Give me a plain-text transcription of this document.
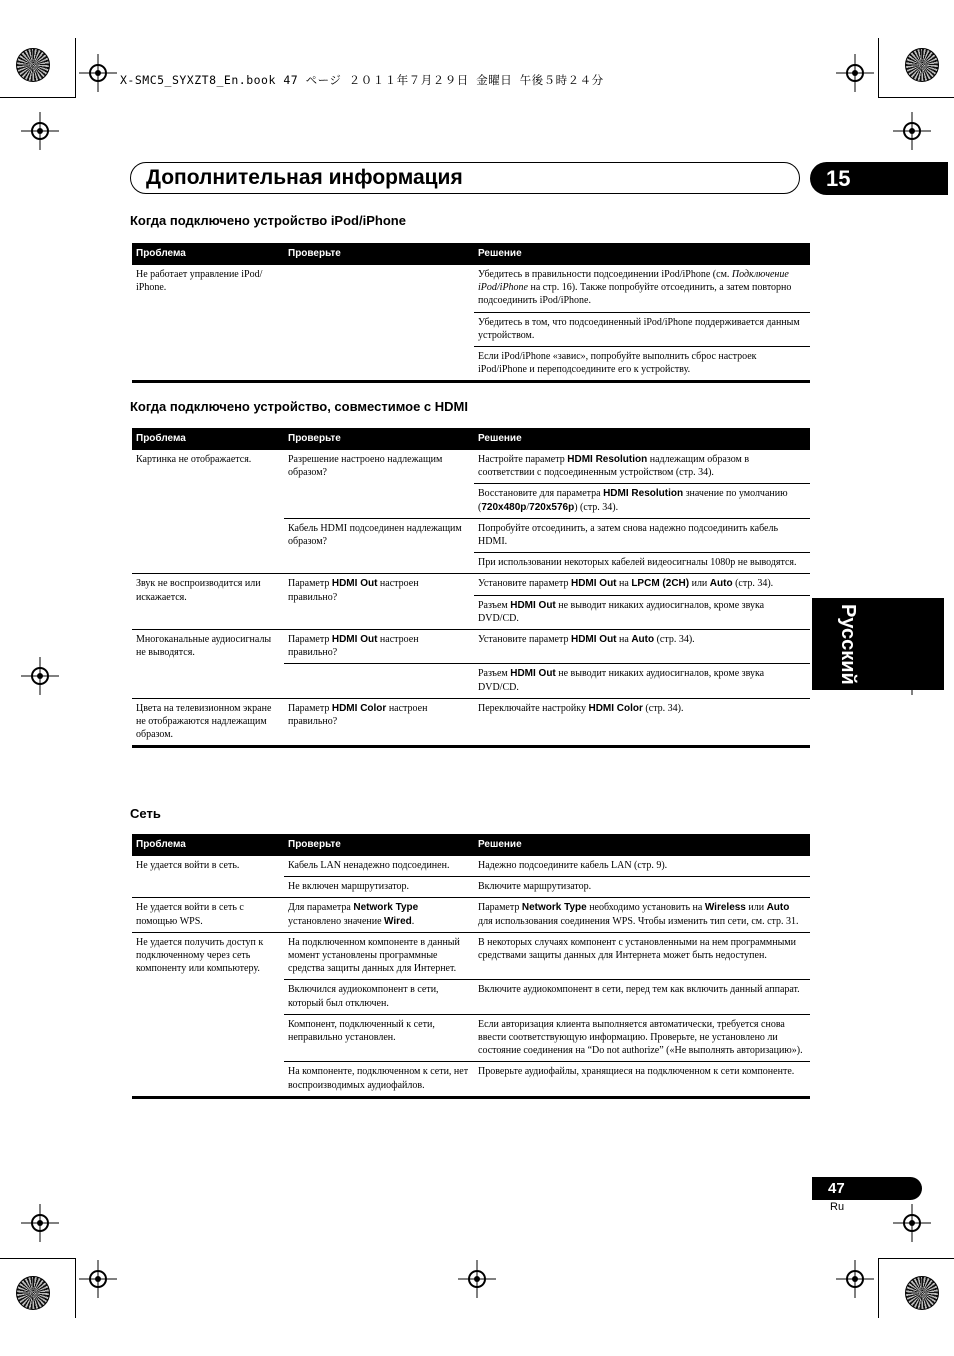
X-SMC5_SYXZT8_En.book 47 ページ ２０１１年７月２９日 金曜日 午後５時２４分
Дополнительная информация	15
Русский
Когда подключено устройство iPod/iPhone
Проблема	Проверьте	Решение
Не работает управление iPod/ iPhone.		Убедитесь в правильности подсоединении iPod/iPhone (см. Подключение iPod/iPhone на стр. 16). Также попробуйте отсоединить, а затем повторно подсоединить iPod/iPhone.
		Убедитесь в том, что подсоединенный iPod/iPhone поддерживается данным устройством.
		Если iPod/iPhone «завис», попробуйте выполнить сброс настроек iPod/iPhone и переподсоедините его к устройству.
Когда подключено устройство, совместимое с HDMI
Проблема	Проверьте	Решение
Картинка не отображается.	Разрешение настроено надлежащим образом?	Настройте параметр HDMI Resolution надлежащим образом в соответствии с подсоединенным устройством (стр. 34).
		Восстановите для параметра HDMI Resolution значение по умолчанию (720x480p/720x576p) (стр. 34).
	Кабель HDMI подсоединен надлежащим образом?	Попробуйте отсоединить, а затем снова надежно подсоединить кабель HDMI.
		При использовании некоторых кабелей видеосигналы 1080p не выводятся.
Звук не воспроизводится или искажается.	Параметр HDMI Out настроен правильно?	Установите параметр HDMI Out на LPCM (2CH) или Auto (стр. 34).
		Разъем HDMI Out не выводит никаких аудиосигналов, кроме звука DVD/CD.
Многоканальные аудиосигналы не выводятся.	Параметр HDMI Out настроен правильно?	Установите параметр HDMI Out на Auto (стр. 34).
		Разъем HDMI Out не выводит никаких аудиосигналов, кроме звука DVD/CD.
Цвета на телевизионном экране не отображаются надлежащим образом.	Параметр HDMI Color настроен правильно?	Переключайте настройку HDMI Color (стр. 34).
Сеть
Проблема	Проверьте	Решение
Не удается войти в сеть.	Кабель LAN ненадежно подсоединен.	Надежно подсоедините кабель LAN (стр. 9).
	Не включен маршрутизатор.	Включите маршрутизатор.
Не удается войти в сеть с помощью WPS.	Для параметра Network Type установлено значение Wired.	Параметр Network Type необходимо установить на Wireless или Auto для использования соединения WPS. Чтобы изменить тип сети, см. стр. 31.
Не удается получить доступ к подключенному через сеть компоненту или компьютеру.	На подключенном компоненте в данный момент установлены программные средства защиты данных для Интернет.	В некоторых случаях компонент с установленными на нем программными средствами защиты данных для Интернета может быть недоступен.
	Включился аудиокомпонент в сети, который был отключен.	Включите аудиокомпонент в сети, перед тем как включить данный аппарат.
	Компонент, подключенный к сети, неправильно установлен.	Если авторизация клиента выполняется автоматически, требуется снова ввести соответствующую информацию. Проверьте, не установлено ли состояние соединения на “Do not authorize” («Не выполнять авторизацию»).
	На компоненте, подключенном к сети, нет воспроизводимых аудиофайлов.	Проверьте аудиофайлы, хранящиеся на подключенном к сети компоненте.
47
Ru
